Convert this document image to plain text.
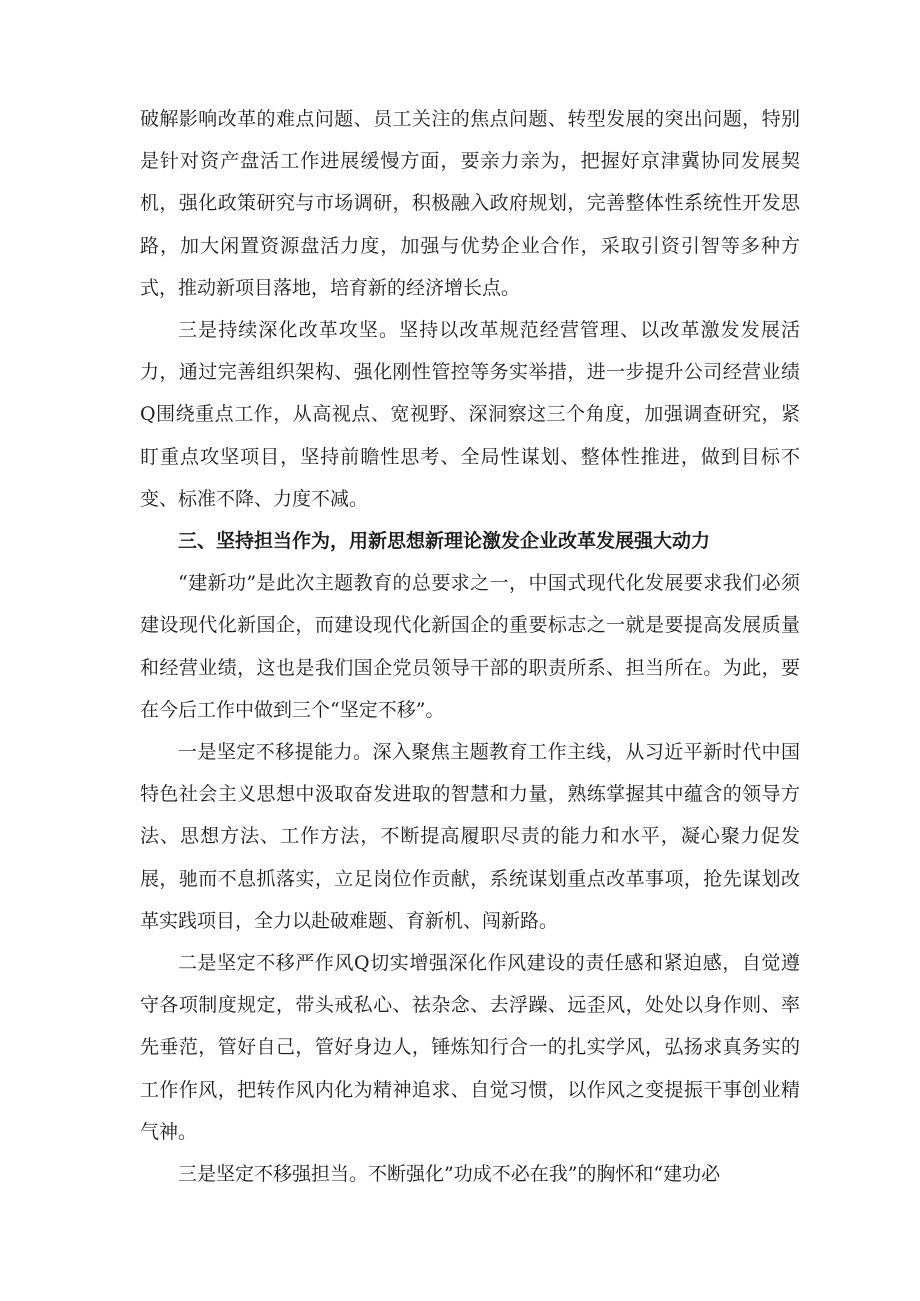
破解影响改革的难点问题、员工关注的焦点问题、转型发展的突出问题，特别是针对资产盘活工作进展缓慢方面，要亲力亲为，把握好京津冀协同发展契机，强化政策研究与市场调研，积极融入政府规划，完善整体性系统性开发思路，加大闲置资源盘活力度，加强与优势企业合作，采取引资引智等多种方式，推动新项目落地，培育新的经济增长点。

三是持续深化改革攻坚。坚持以改革规范经营管理、以改革激发发展活力，通过完善组织架构、强化刚性管控等务实举措，进一步提升公司经营业绩Q围绕重点工作，从高视点、宽视野、深洞察这三个角度，加强调查研究，紧盯重点攻坚项目，坚持前瞻性思考、全局性谋划、整体性推进，做到目标不变、标准不降、力度不减。

三、坚持担当作为，用新思想新理论激发企业改革发展强大动力

“建新功”是此次主题教育的总要求之一，中国式现代化发展要求我们必须建设现代化新国企，而建设现代化新国企的重要标志之一就是要提高发展质量和经营业绩，这也是我们国企党员领导干部的职责所系、担当所在。为此，要在今后工作中做到三个“坚定不移”。

一是坚定不移提能力。深入聚焦主题教育工作主线，从习近平新时代中国特色社会主义思想中汲取奋发进取的智慧和力量，熟练掌握其中蕴含的领导方法、思想方法、工作方法，不断提高履职尽责的能力和水平，凝心聚力促发展，驰而不息抓落实，立足岗位作贡献，系统谋划重点改革事项，抢先谋划改革实践项目，全力以赴破难题、育新机、闯新路。

二是坚定不移严作风Q切实增强深化作风建设的责任感和紧迫感，自觉遵守各项制度规定，带头戒私心、祛杂念、去浮躁、远歪风，处处以身作则、率先垂范，管好自己，管好身边人，锤炼知行合一的扎实学风，弘扬求真务实的工作作风，把转作风内化为精神追求、自觉习惯，以作风之变提振干事创业精气神。

三是坚定不移强担当。不断强化”功成不必在我”的胸怀和“建功必
